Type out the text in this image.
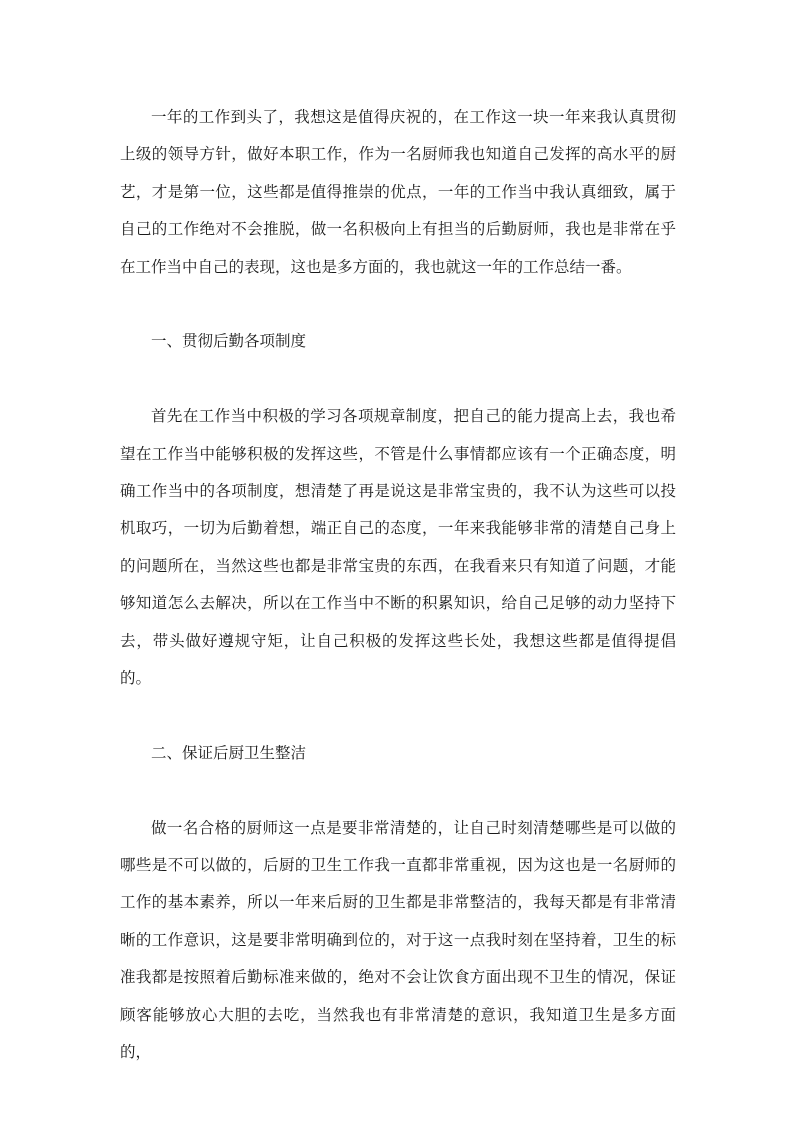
一年的工作到头了，我想这是值得庆祝的，在工作这一块一年来我认真贯彻上级的领导方针，做好本职工作，作为一名厨师我也知道自己发挥的高水平的厨艺，才是第一位，这些都是值得推崇的优点，一年的工作当中我认真细致，属于自己的工作绝对不会推脱，做一名积极向上有担当的后勤厨师，我也是非常在乎在工作当中自己的表现，这也是多方面的，我也就这一年的工作总结一番。

一、贯彻后勤各项制度

首先在工作当中积极的学习各项规章制度，把自己的能力提高上去，我也希望在工作当中能够积极的发挥这些，不管是什么事情都应该有一个正确态度，明确工作当中的各项制度，想清楚了再是说这是非常宝贵的，我不认为这些可以投机取巧，一切为后勤着想，端正自己的态度，一年来我能够非常的清楚自己身上的问题所在，当然这些也都是非常宝贵的东西，在我看来只有知道了问题，才能够知道怎么去解决，所以在工作当中不断的积累知识，给自己足够的动力坚持下去，带头做好遵规守矩，让自己积极的发挥这些长处，我想这些都是值得提倡的。

二、保证后厨卫生整洁

做一名合格的厨师这一点是要非常清楚的，让自己时刻清楚哪些是可以做的哪些是不可以做的，后厨的卫生工作我一直都非常重视，因为这也是一名厨师的工作的基本素养，所以一年来后厨的卫生都是非常整洁的，我每天都是有非常清晰的工作意识，这是要非常明确到位的，对于这一点我时刻在坚持着，卫生的标准我都是按照着后勤标准来做的，绝对不会让饮食方面出现不卫生的情况，保证顾客能够放心大胆的去吃，当然我也有非常清楚的意识，我知道卫生是多方面的，
